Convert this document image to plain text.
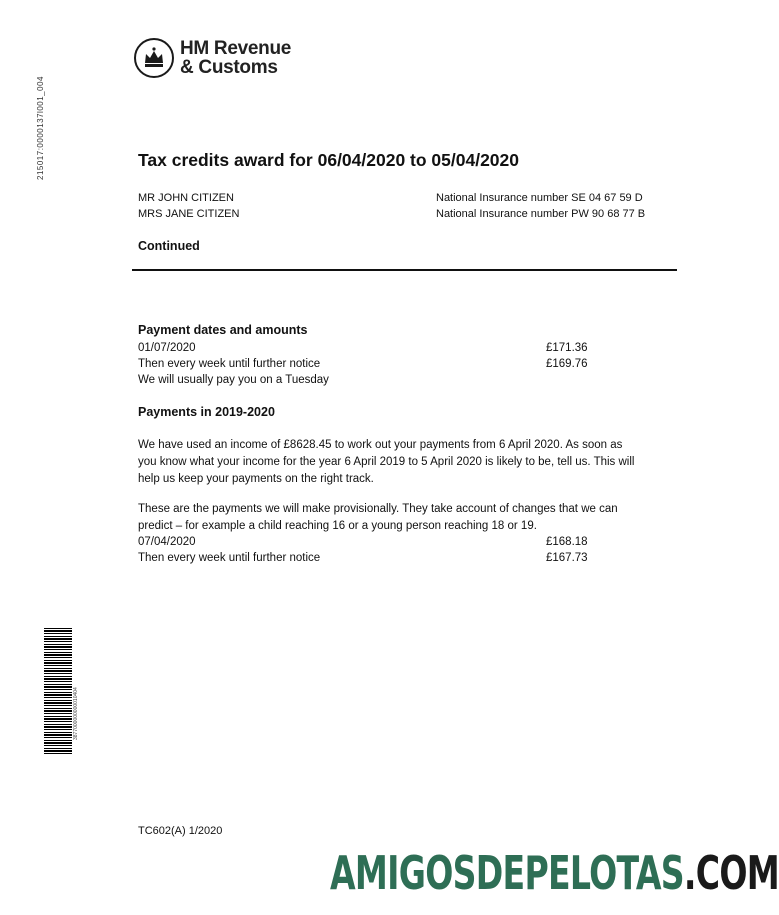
215017:0000137l001_004
HM Revenue
& Customs
Tax credits award for 06/04/2020 to 05/04/2020
MR JOHN CITIZEN	National Insurance number SE 04 67 59 D
MRS JANE CITIZEN	National Insurance number PW 90 68 77 B
Continued
Payment dates and amounts
01/07/2020	£171.36
Then every week until further notice	£169.76
We will usually pay you on a Tuesday
Payments in 2019-2020
We have used an income of £8628.45 to work out your payments from 6 April 2020. As soon as you know what your income for the year 6 April 2019 to 5 April 2020 is likely to be, tell us. This will help us keep your payments on the right track.
These are the payments we will make provisionally. They take account of changes that we can predict – for example a child reaching 16 or a young person reaching 18 or 19.
07/04/2020	£168.18
Then every week until further notice	£167.73
3877000000000010404
TC602(A) 1/2020
AMIGOSDEPELOTAS.COM
